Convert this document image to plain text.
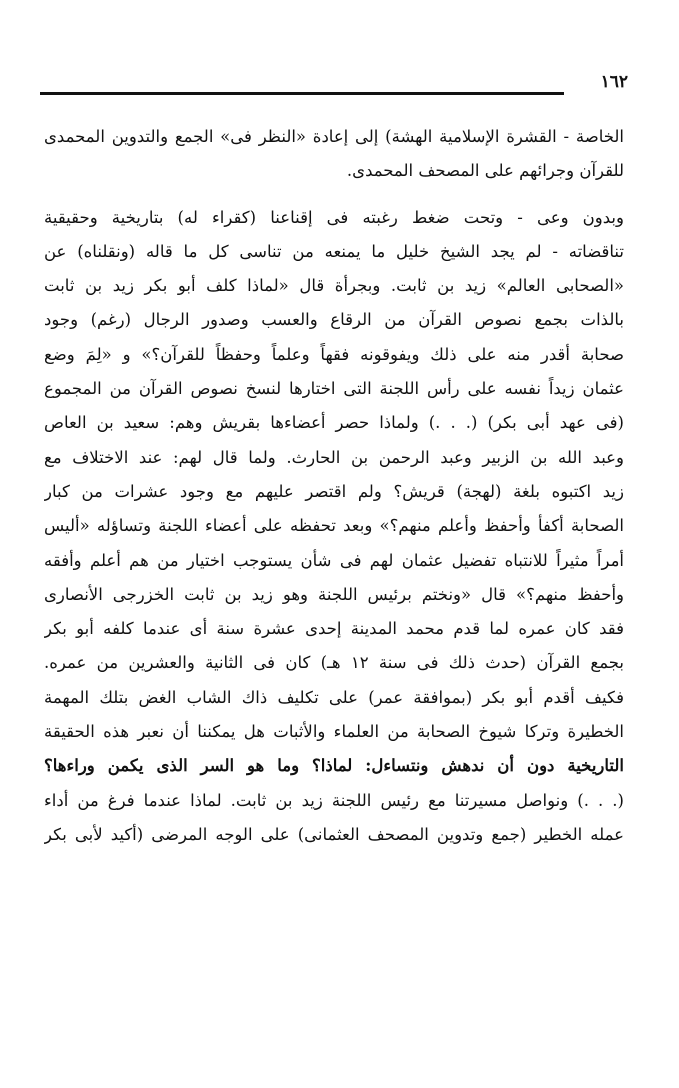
١٦٢
الخاصة - القشرة الإسلامية الهشة) إلى إعادة «النظر فى» الجمع والتدوين المحمدى
للقرآن وجرائهم على المصحف المحمدى.
وبدون وعى - وتحت ضغط رغبته فى إقناعنا (كقراء له) بتاريخية وحقيقية
تناقضاته - لم يجد الشيخ خليل ما يمنعه من تناسى كل ما قاله (ونقلناه) عن
«الصحابى العالم» زيد بن ثابت. وبجرأة قال «لماذا كلف أبو بكر زيد بن ثابت
بالذات بجمع نصوص القرآن من الرقاع والعسب وصدور الرجال (رغم) وجود
صحابة أقدر منه على ذلك ويفوقونه فقهاً وعلماً وحفظاً للقرآن؟» و «لِمَ وضع
عثمان زيداً نفسه على رأس اللجنة التى اختارها لنسخ نصوص القرآن من المجموع
(فى عهد أبى بكر) (. . .) ولماذا حصر أعضاءها بقريش وهم: سعيد بن العاص
وعبد الله بن الزبير وعبد الرحمن بن الحارث. ولما قال لهم: عند الاختلاف مع
زيد اكتبوه بلغة (لهجة) قريش؟ ولم اقتصر عليهم مع وجود عشرات من كبار
الصحابة أكفأ وأحفظ وأعلم منهم؟» وبعد تحفظه على أعضاء اللجنة وتساؤله «أليس
أمراً مثيراً للانتباه تفضيل عثمان لهم فى شأن يستوجب اختيار من هم أعلم وأفقه
وأحفظ منهم؟» قال «ونختم برئيس اللجنة وهو زيد بن ثابت الخزرجى الأنصارى
فقد كان عمره لما قدم محمد المدينة إحدى عشرة سنة أى عندما كلفه أبو بكر
بجمع القرآن (حدث ذلك فى سنة ١٢ هـ) كان فى الثانية والعشرين من عمره.
فكيف أقدم أبو بكر (بموافقة عمر) على تكليف ذاك الشاب الغض بتلك المهمة
الخطيرة وتركا شيوخ الصحابة من العلماء والأثبات هل يمكننا أن نعبر هذه الحقيقة
التاريخية دون أن ندهش ونتساءل: لماذا؟ وما هو السر الذى يكمن وراءها؟
(. . .) ونواصل مسيرتنا مع رئيس اللجنة زيد بن ثابت. لماذا عندما فرغ من أداء
عمله الخطير (جمع وتدوين المصحف العثمانى) على الوجه المرضى (أكيد لأبى بكر
